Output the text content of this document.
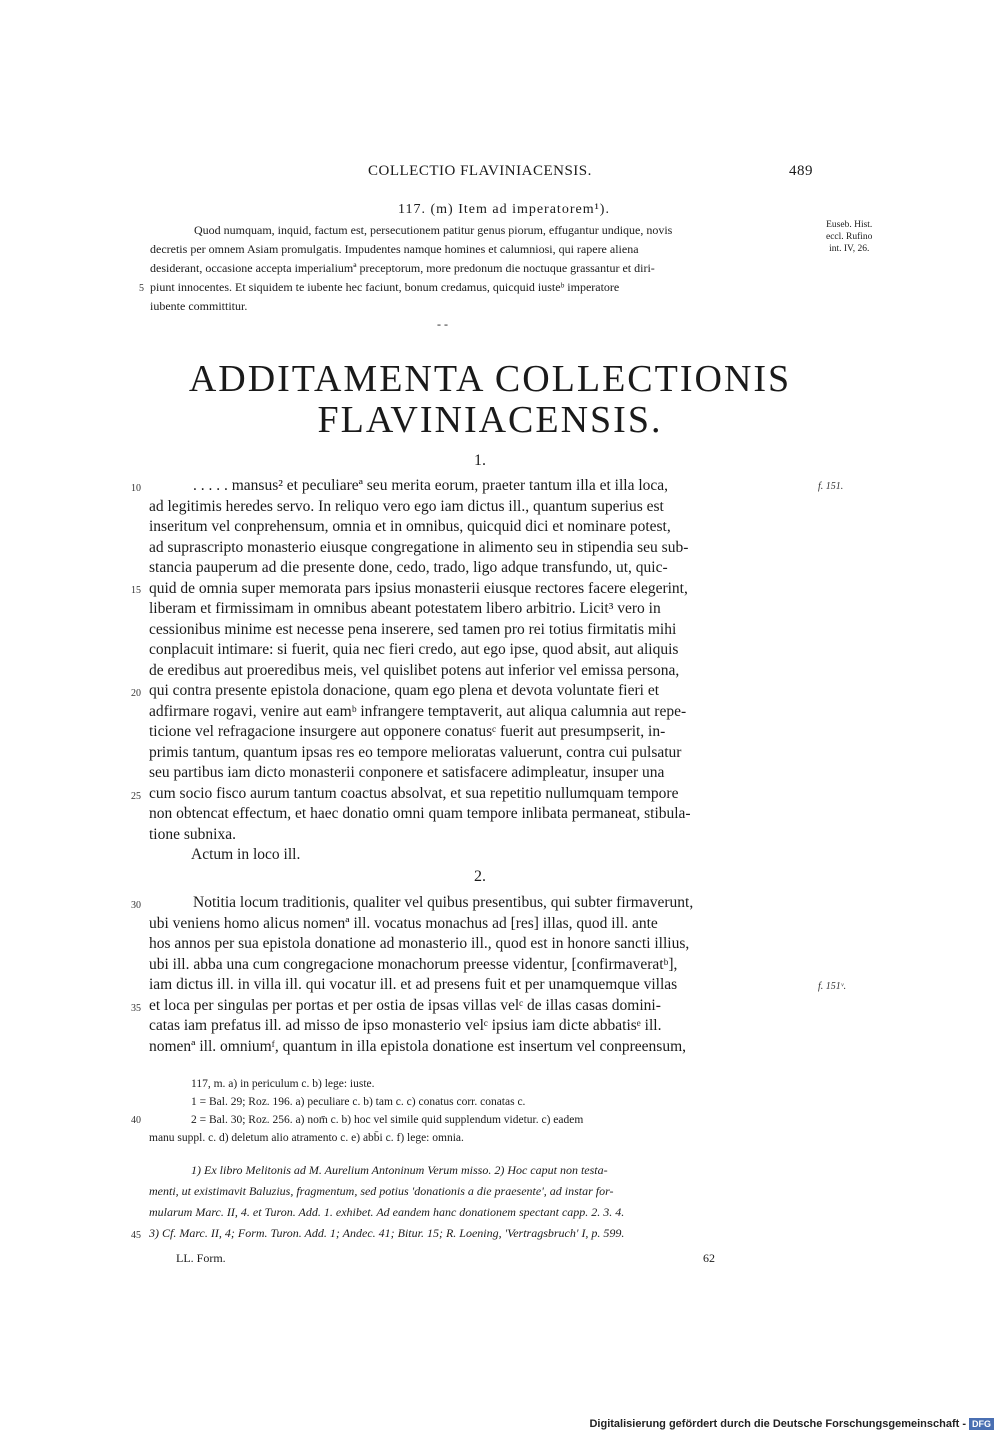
COLLECTIO FLAVINIACENSIS.	489
117. (m) Item ad imperatorem¹).
Quod numquam, inquid, factum est, persecutionem patitur genus piorum, effugantur undique, novis
decretis per omnem Asiam promulgatis. Impudentes namque homines et calumniosi, qui rapere aliena
desiderant, occasione accepta imperialiumª preceptorum, more predonum die noctuque grassantur et diri-
piunt innocentes. Et siquidem te iubente hec faciunt, bonum credamus, quicquid iusteᵇ imperatore
iubente committitur.
5
Euseb. Hist.
eccl. Rufino
int. IV, 26.
- -
ADDITAMENTA COLLECTIONIS
FLAVINIACENSIS.
1.
. . . . . mansus² et peculiareª seu merita eorum, praeter tantum illa et illa loca,
ad legitimis heredes servo. In reliquo vero ego iam dictus ill., quantum superius est
inseritum vel conprehensum, omnia et in omnibus, quicquid dici et nominare potest,
ad suprascripto monasterio eiusque congregatione in alimento seu in stipendia seu sub-
stancia pauperum ad die presente done, cedo, trado, ligo adque transfundo, ut, quic-
quid de omnia super memorata pars ipsius monasterii eiusque rectores facere elegerint,
liberam et firmissimam in omnibus abeant potestatem libero arbitrio. Licit³ vero in
cessionibus minime est necesse pena inserere, sed tamen pro rei totius firmitatis mihi
conplacuit intimare: si fuerit, quia nec fieri credo, aut ego ipse, quod absit, aut aliquis
de eredibus aut proeredibus meis, vel quislibet potens aut inferior vel emissa persona,
qui contra presente epistola donacione, quam ego plena et devota voluntate fieri et
adfirmare rogavi, venire aut eamᵇ infrangere temptaverit, aut aliqua calumnia aut repe-
ticione vel refragacione insurgere aut opponere conatusᶜ fuerit aut presumpserit, in-
primis tantum, quantum ipsas res eo tempore melioratas valuerunt, contra cui pulsatur
seu partibus iam dicto monasterii conponere et satisfacere adimpleatur, insuper una
cum socio fisco aurum tantum coactus absolvat, et sua repetitio nullumquam tempore
non obtencat effectum, et haec donatio omni quam tempore inlibata permaneat, stibula-
tione subnixa.
Actum in loco ill.
10
15
20
25
f. 151.
2.
Notitia locum traditionis, qualiter vel quibus presentibus, qui subter firmaverunt,
ubi veniens homo alicus nomenª ill. vocatus monachus ad [res] illas, quod ill. ante
hos annos per sua epistola donatione ad monasterio ill., quod est in honore sancti illius,
ubi ill. abba una cum congregacione monachorum preesse videntur, [confirmaveratᵇ],
iam dictus ill. in villa ill. qui vocatur ill. et ad presens fuit et per unamquemque villas
et loca per singulas per portas et per ostia de ipsas villas velᶜ de illas casas domini-
catas iam prefatus ill. ad misso de ipso monasterio velᶜ ipsius iam dicte abbatisᵉ ill.
nomenª ill. omniumᶠ, quantum in illa epistola donatione est insertum vel conpreensum,
30
35
f. 151ᵛ.
117, m. a) in periculum c. b) lege: iuste.
1 = Bal. 29; Roz. 196. a) peculiare c. b) tam c. c) conatus corr. conatas c.
2 = Bal. 30; Roz. 256. a) nom̄ c. b) hoc vel simile quid supplendum videtur. c) eadem
manu suppl. c. d) deletum alio atramento c. e) abb̄i c. f) lege: omnia.
40
1) Ex libro Melitonis ad M. Aurelium Antoninum Verum misso. 2) Hoc caput non testa-
menti, ut existimavit Baluzius, fragmentum, sed potius 'donationis a die praesente', ad instar for-
mularum Marc. II, 4. et Turon. Add. 1. exhibet. Ad eandem hanc donationem spectant capp. 2. 3. 4.
3) Cf. Marc. II, 4; Form. Turon. Add. 1; Andec. 41; Bitur. 15; R. Loening, 'Vertragsbruch' I, p. 599.
45
LL. Form.	62
Digitalisierung gefördert durch die Deutsche Forschungsgemeinschaft - DFG
